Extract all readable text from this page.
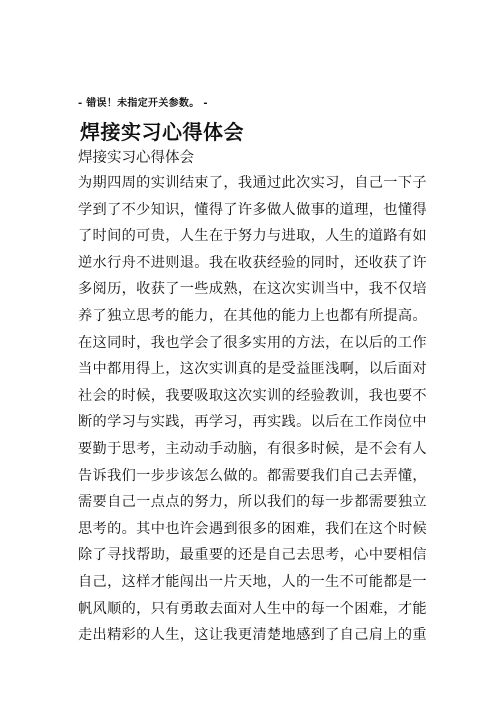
- 错误！未指定开关参数。 -
焊接实习心得体会
焊接实习心得体会
为期四周的实训结束了，我通过此次实习，自己一下子
学到了不少知识，懂得了许多做人做事的道理，也懂得
了时间的可贵，人生在于努力与进取，人生的道路有如
逆水行舟不进则退。我在收获经验的同时，还收获了许
多阅历，收获了一些成熟，在这次实训当中，我不仅培
养了独立思考的能力，在其他的能力上也都有所提高。
在这同时，我也学会了很多实用的方法，在以后的工作
当中都用得上，这次实训真的是受益匪浅啊，以后面对
社会的时候，我要吸取这次实训的经验教训，我也要不
断的学习与实践，再学习，再实践。以后在工作岗位中
要勤于思考，主动动手动脑，有很多时候，是不会有人
告诉我们一步步该怎么做的。都需要我们自己去弄懂，
需要自己一点点的努力，所以我们的每一步都需要独立
思考的。其中也许会遇到很多的困难，我们在这个时候
除了寻找帮助，最重要的还是自己去思考，心中要相信
自己，这样才能闯出一片天地，人的一生不可能都是一
帆风顺的，只有勇敢去面对人生中的每一个困难，才能
走出精彩的人生，这让我更清楚地感到了自己肩上的重
